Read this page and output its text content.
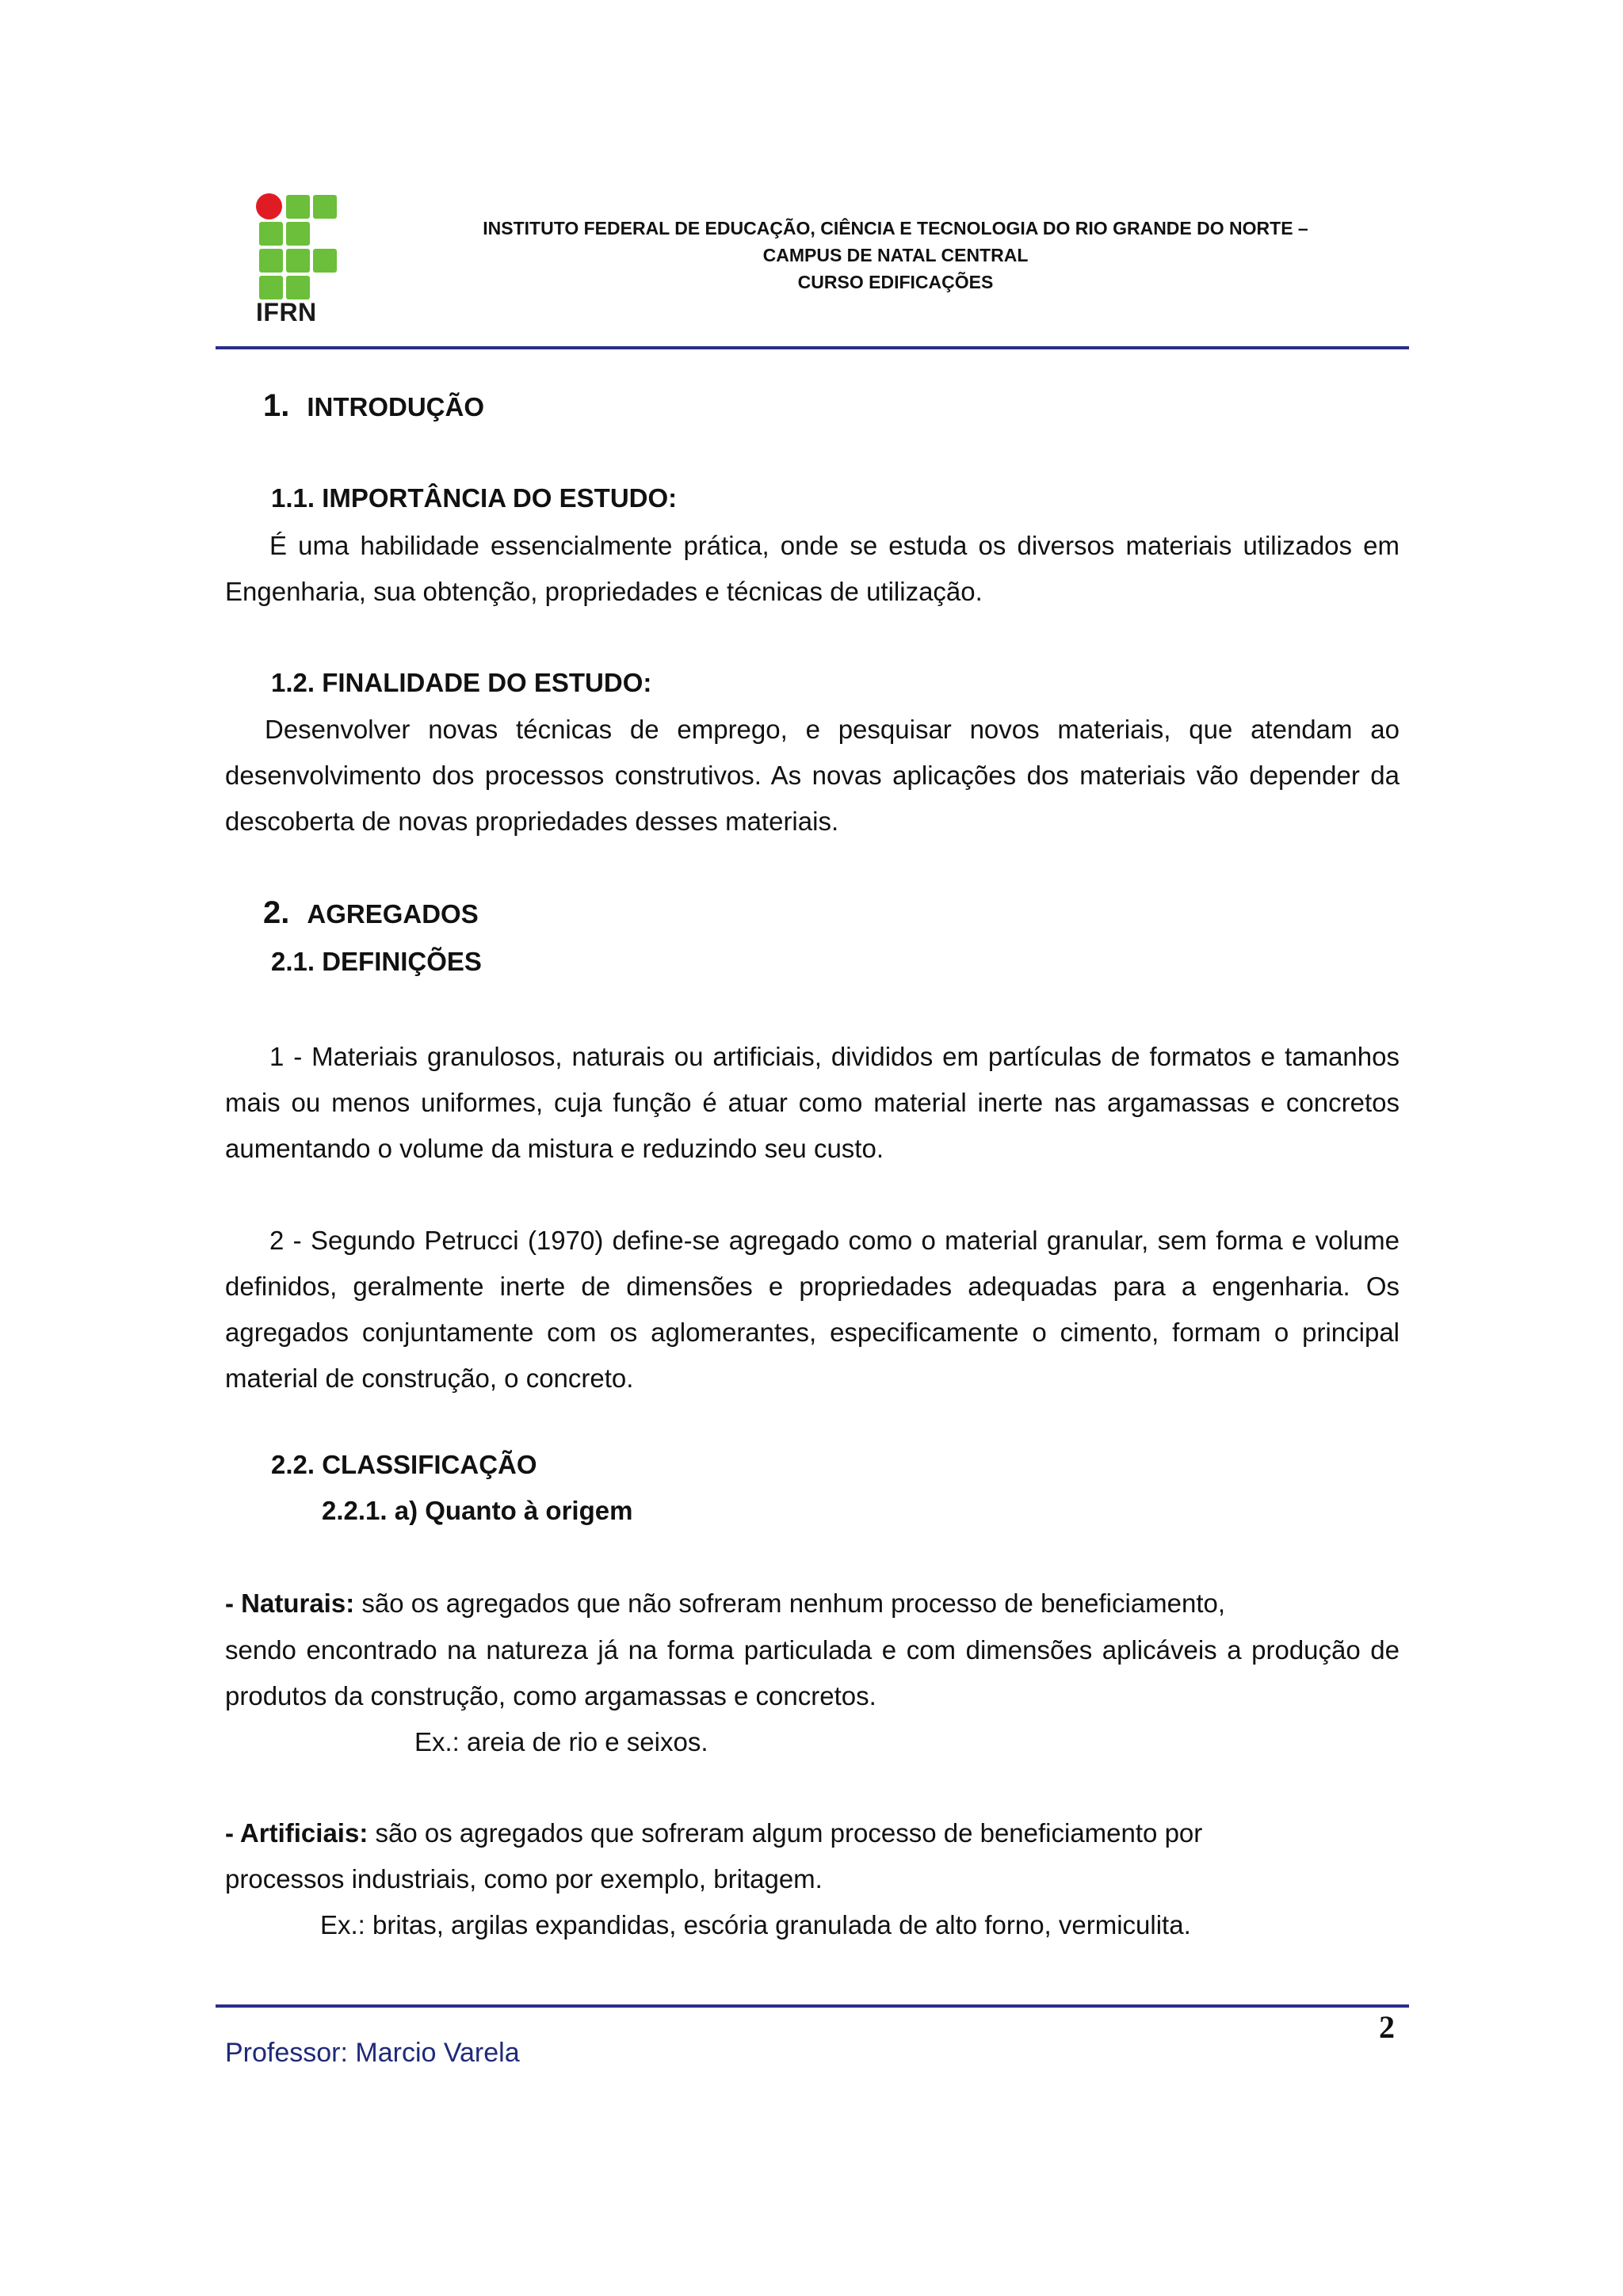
IFRN
INSTITUTO FEDERAL DE EDUCAÇÃO, CIÊNCIA E TECNOLOGIA DO RIO GRANDE DO NORTE –
CAMPUS DE NATAL CENTRAL
CURSO EDIFICAÇÕES
1. INTRODUÇÃO
1.1. IMPORTÂNCIA DO ESTUDO:
É uma habilidade essencialmente prática, onde se estuda os diversos materiais utilizados em Engenharia, sua obtenção, propriedades e técnicas de utilização.
1.2. FINALIDADE DO ESTUDO:
Desenvolver novas técnicas de emprego, e pesquisar novos materiais, que atendam ao desenvolvimento dos processos construtivos. As novas aplicações dos materiais vão depender da descoberta de novas propriedades desses materiais.
2. AGREGADOS
2.1. DEFINIÇÕES
1 - Materiais granulosos, naturais ou artificiais, divididos em partículas de formatos e tamanhos mais ou menos uniformes, cuja função é atuar como material inerte nas argamassas e concretos aumentando o volume da mistura e reduzindo seu custo.
2 - Segundo Petrucci (1970) define-se agregado como o material granular, sem forma e volume definidos, geralmente inerte de dimensões e propriedades adequadas para a engenharia. Os agregados conjuntamente com os aglomerantes, especificamente o cimento, formam o principal material de construção, o concreto.
2.2. CLASSIFICAÇÃO
2.2.1. a) Quanto à origem
- Naturais: são os agregados que não sofreram nenhum processo de beneficiamento,
sendo encontrado na natureza já na forma particulada e com dimensões aplicáveis a produção de produtos da construção, como argamassas e concretos.
Ex.: areia de rio e seixos.
- Artificiais: são os agregados que sofreram algum processo de beneficiamento por
processos industriais, como por exemplo, britagem.
Ex.: britas, argilas expandidas, escória granulada de alto forno, vermiculita.
2
Professor: Marcio Varela
